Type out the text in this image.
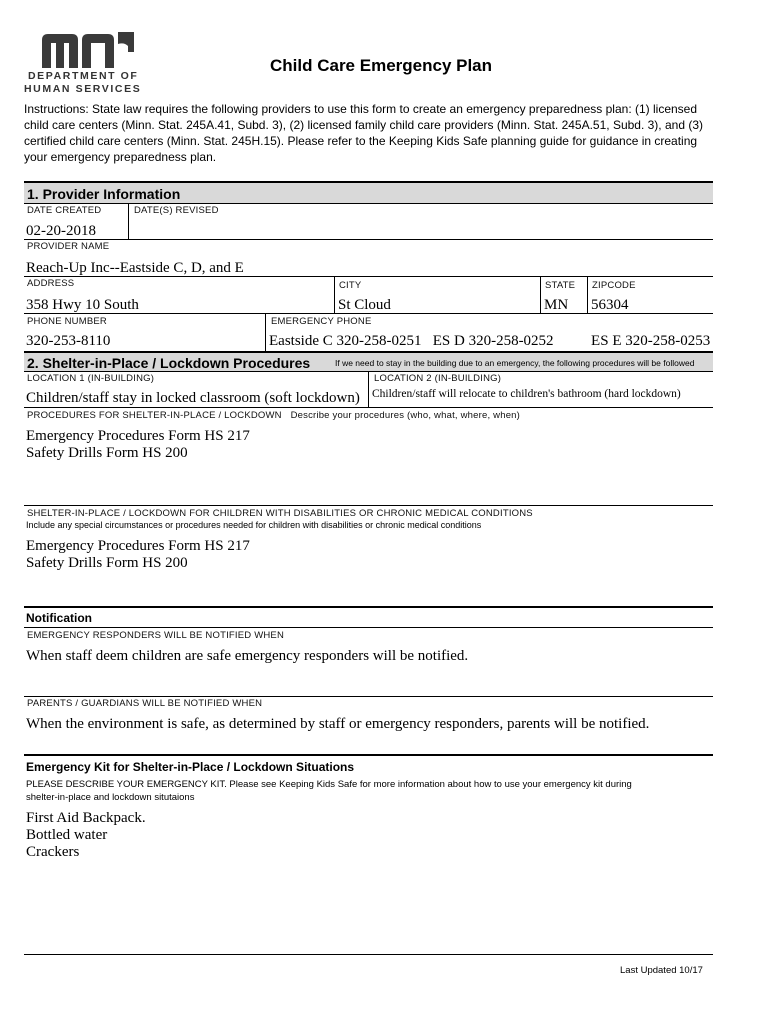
DEPARTMENT OF
HUMAN SERVICES
Child Care Emergency Plan
Instructions: State law requires the following providers to use this form to create an emergency preparedness plan: (1) licensed child care centers (Minn. Stat. 245A.41, Subd. 3), (2) licensed family child care providers (Minn. Stat. 245A.51, Subd. 3), and (3) certified child care centers (Minn. Stat. 245H.15). Please refer to the Keeping Kids Safe planning guide for guidance in creating your emergency preparedness plan.
1. Provider Information
DATE CREATED	DATE(S) REVISED
02-20-2018
PROVIDER NAME
Reach-Up Inc--Eastside C, D, and E
ADDRESS	CITY	STATE ZIPCODE
358 Hwy 10 South	St Cloud	MN 56304
PHONE NUMBER	EMERGENCY PHONE
320-253-8110	Eastside C 320-258-0251   ES D 320-258-0252          ES E 320-258-0253
2. Shelter-in-Place / Lockdown Procedures	If we need to stay in the building due to an emergency, the following procedures will be followed
LOCATION 1 (IN-BUILDING)	LOCATION 2 (IN-BUILDING)
Children/staff stay in locked classroom (soft lockdown) Children/staff will relocate to children's bathroom (hard lockdown)
PROCEDURES FOR SHELTER-IN-PLACE / LOCKDOWN Describe your procedures (who, what, where, when)
Emergency Procedures Form HS 217
Safety Drills Form HS 200
SHELTER-IN-PLACE / LOCKDOWN FOR CHILDREN WITH DISABILITIES OR CHRONIC MEDICAL CONDITIONS
Include any special circumstances or procedures needed for children with disabilities or chronic medical conditions
Emergency Procedures Form HS 217
Safety Drills Form HS 200
Notification
EMERGENCY RESPONDERS WILL BE NOTIFIED WHEN
When staff deem children are safe emergency responders will be notified.
PARENTS / GUARDIANS WILL BE NOTIFIED WHEN
When the environment is safe, as determined by staff or emergency responders, parents will be notified.
Emergency Kit for Shelter-in-Place / Lockdown Situations
PLEASE DESCRIBE YOUR EMERGENCY KIT. Please see Keeping Kids Safe for more information about how to use your emergency kit during
shelter-in-place and lockdown situtaions
First Aid Backpack.
Bottled water
Crackers
Last Updated 10/17
